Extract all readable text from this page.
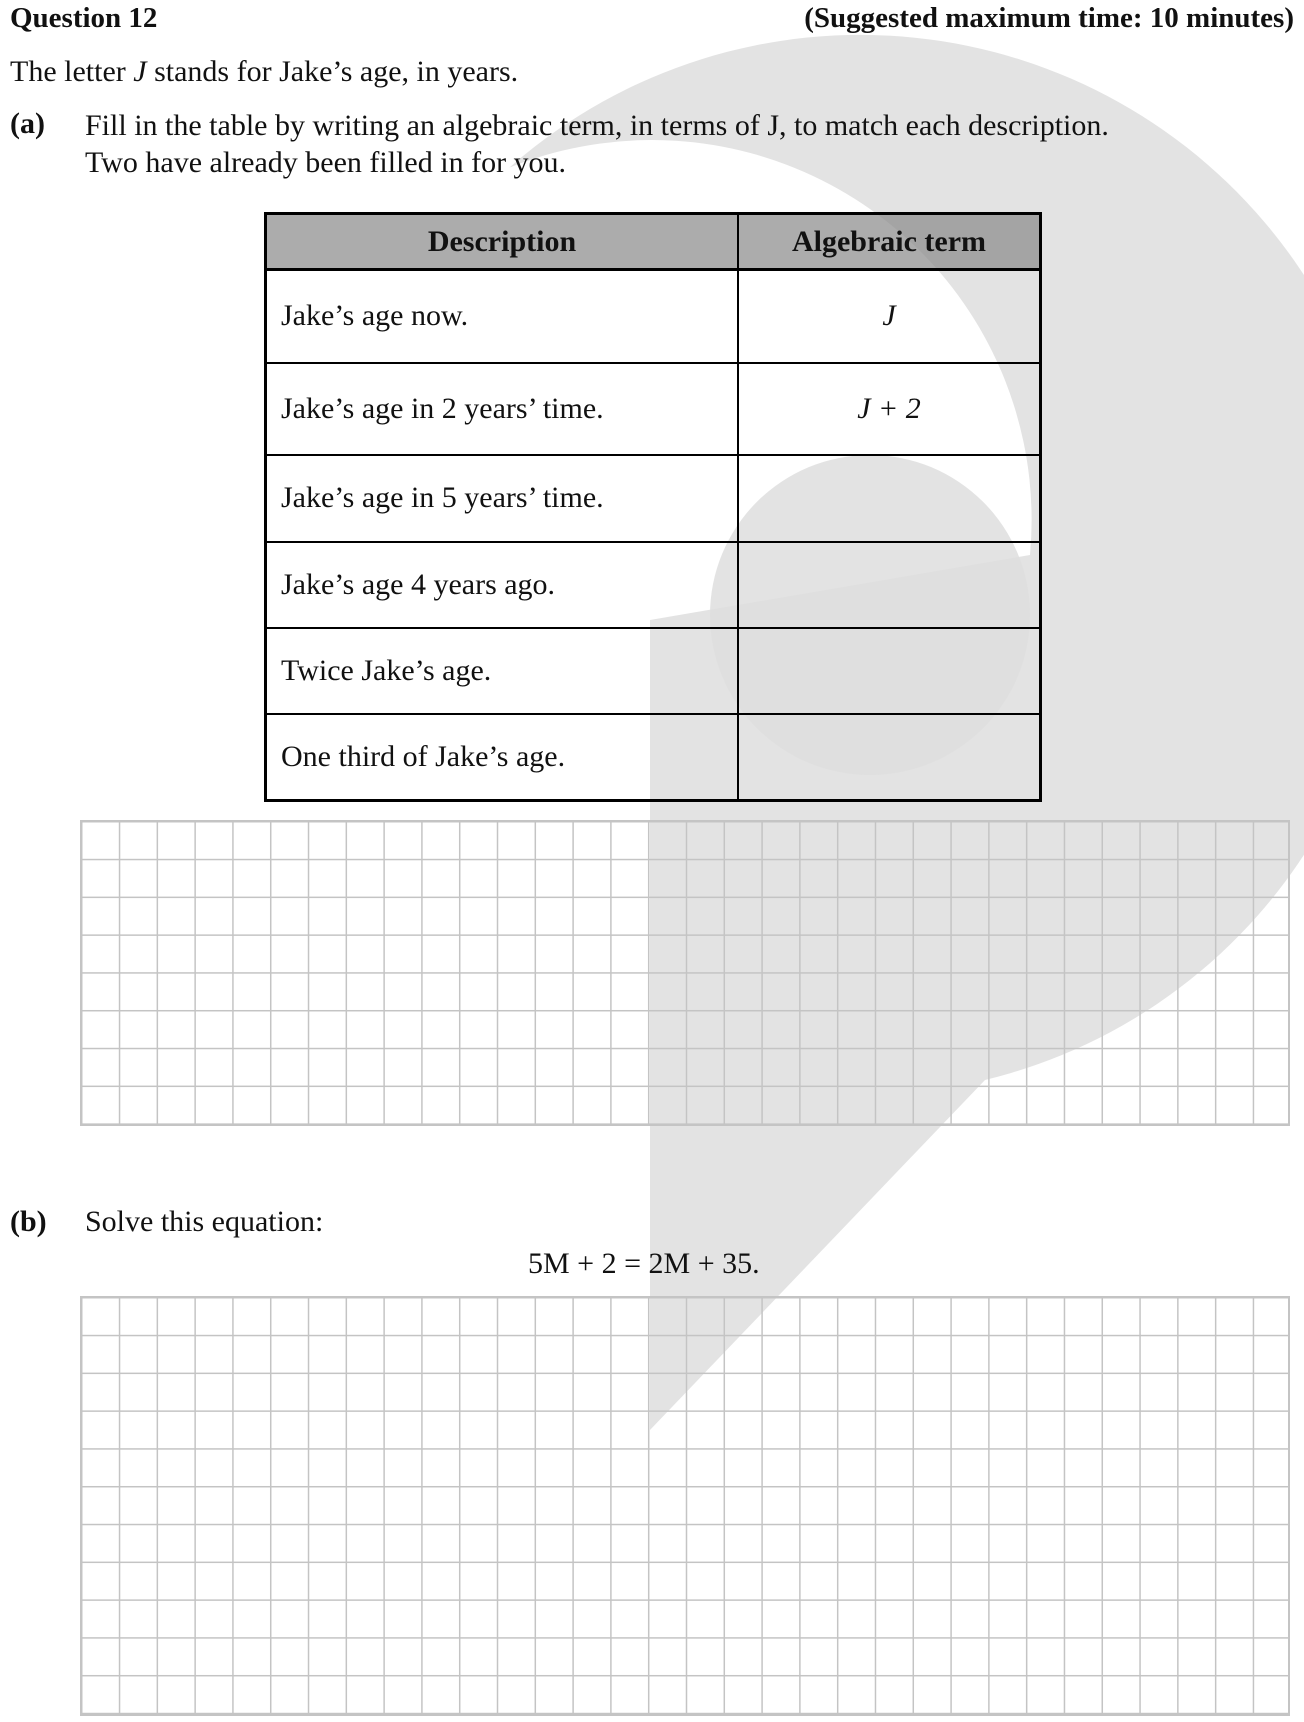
Question 12	(Suggested maximum time: 10 minutes)
The letter J stands for Jake’s age, in years.
(a) Fill in the table by writing an algebraic term, in terms of J, to match each description.
Two have already been filled in for you.
Description	Algebraic term
Jake’s age now.	J
Jake’s age in 2 years’ time.	J + 2
Jake’s age in 5 years’ time.	
Jake’s age 4 years ago.	
Twice Jake’s age.	
One third of Jake’s age.	
(b) Solve this equation:
5M + 2 = 2M + 35.
